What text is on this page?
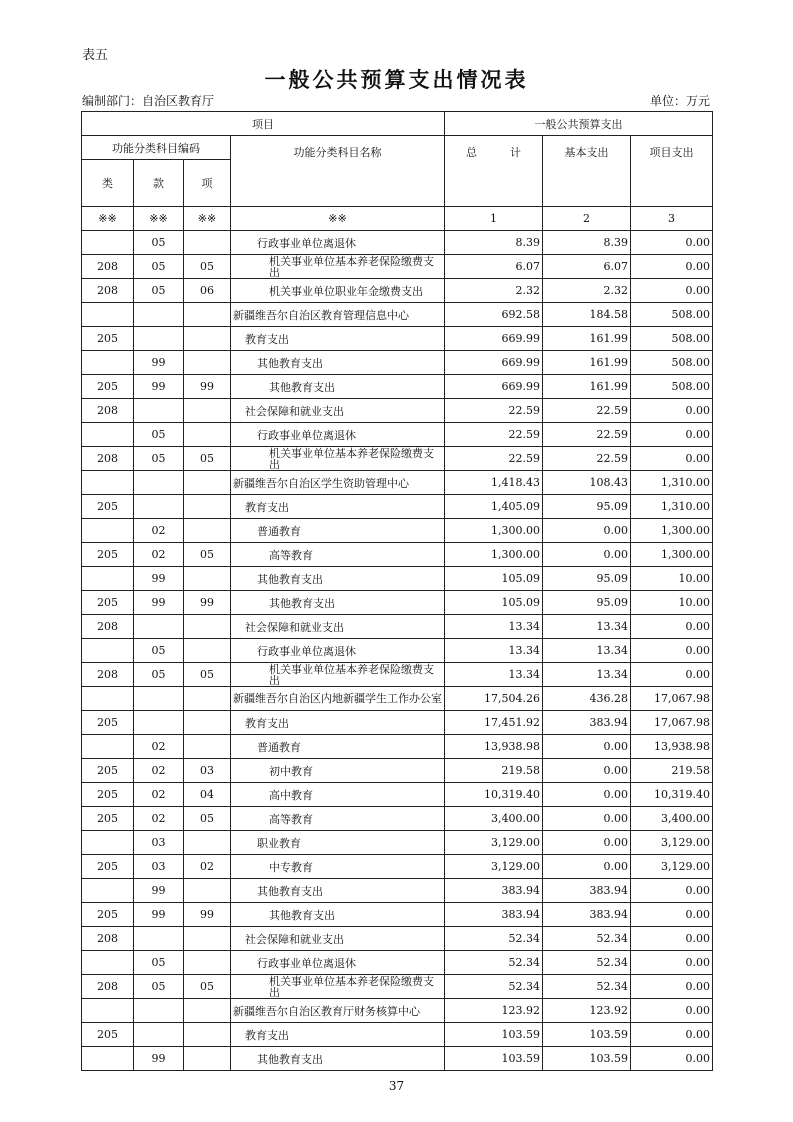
表五
一般公共预算支出情况表
编制部门：自治区教育厅	单位：万元
项目				一般公共预算支出		
功能分类科目编码			功能分类科目名称	总　　　计	基本支出	项目支出
类	款	项				
※※	※※	※※	※※	1	2	3
	05		行政事业单位离退休	8.39	8.39	0.00
208	05	05	机关事业单位基本养老保险缴费支出	6.07	6.07	0.00
208	05	06	机关事业单位职业年金缴费支出	2.32	2.32	0.00
			新疆维吾尔自治区教育管理信息中心	692.58	184.58	508.00
205			教育支出	669.99	161.99	508.00
	99		其他教育支出	669.99	161.99	508.00
205	99	99	其他教育支出	669.99	161.99	508.00
208			社会保障和就业支出	22.59	22.59	0.00
	05		行政事业单位离退休	22.59	22.59	0.00
208	05	05	机关事业单位基本养老保险缴费支出	22.59	22.59	0.00
			新疆维吾尔自治区学生资助管理中心	1,418.43	108.43	1,310.00
205			教育支出	1,405.09	95.09	1,310.00
	02		普通教育	1,300.00	0.00	1,300.00
205	02	05	高等教育	1,300.00	0.00	1,300.00
	99		其他教育支出	105.09	95.09	10.00
205	99	99	其他教育支出	105.09	95.09	10.00
208			社会保障和就业支出	13.34	13.34	0.00
	05		行政事业单位离退休	13.34	13.34	0.00
208	05	05	机关事业单位基本养老保险缴费支出	13.34	13.34	0.00
			新疆维吾尔自治区内地新疆学生工作办公室	17,504.26	436.28	17,067.98
205			教育支出	17,451.92	383.94	17,067.98
	02		普通教育	13,938.98	0.00	13,938.98
205	02	03	初中教育	219.58	0.00	219.58
205	02	04	高中教育	10,319.40	0.00	10,319.40
205	02	05	高等教育	3,400.00	0.00	3,400.00
	03		职业教育	3,129.00	0.00	3,129.00
205	03	02	中专教育	3,129.00	0.00	3,129.00
	99		其他教育支出	383.94	383.94	0.00
205	99	99	其他教育支出	383.94	383.94	0.00
208			社会保障和就业支出	52.34	52.34	0.00
	05		行政事业单位离退休	52.34	52.34	0.00
208	05	05	机关事业单位基本养老保险缴费支出	52.34	52.34	0.00
			新疆维吾尔自治区教育厅财务核算中心	123.92	123.92	0.00
205			教育支出	103.59	103.59	0.00
	99		其他教育支出	103.59	103.59	0.00
37
